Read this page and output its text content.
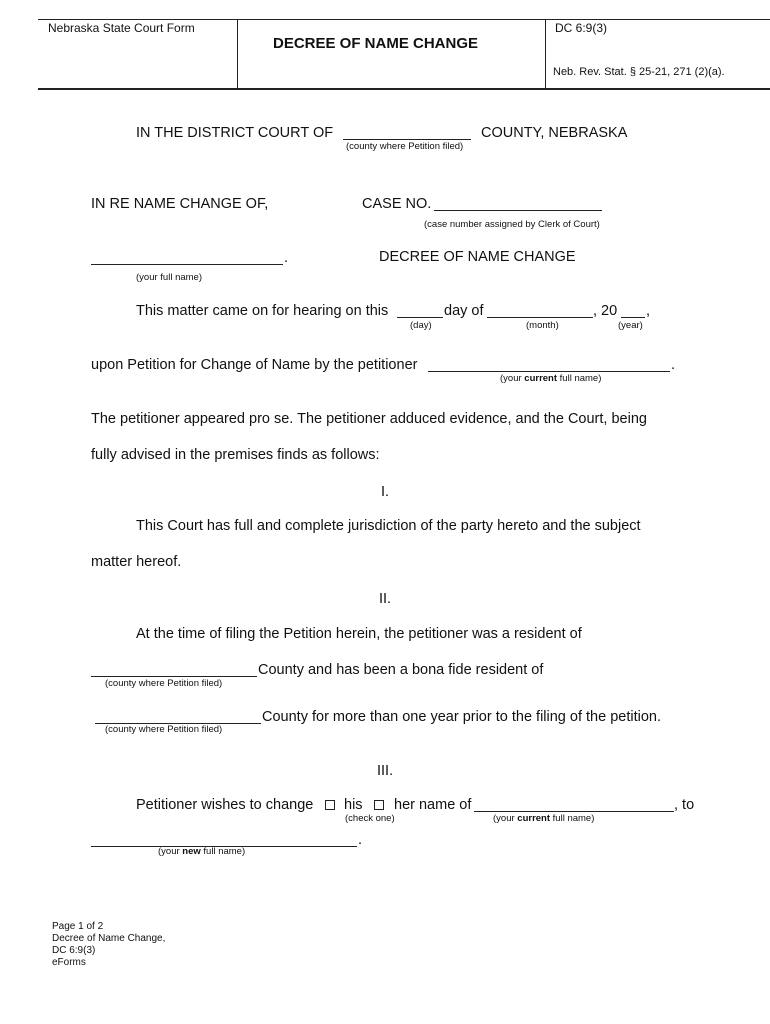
Nebraska State Court Form
DECREE OF NAME CHANGE
DC 6:9(3)
Neb. Rev. Stat. § 25-21, 271 (2)(a).
IN THE DISTRICT COURT OF	COUNTY, NEBRASKA
(county where Petition filed)
IN RE NAME CHANGE OF,	CASE NO.
(case number assigned by Clerk of Court)
.	DECREE OF NAME CHANGE
(your full name)
This matter came on for hearing on this	day of	, 20 ,
(day)	(month)	(year)
upon Petition for Change of Name by the petitioner	.
(your current full name)
The petitioner appeared pro se. The petitioner adduced evidence, and the Court, being
fully advised in the premises finds as follows:
I.
This Court has full and complete jurisdiction of the party hereto and the subject
matter hereof.
II.
At the time of filing the Petition herein, the petitioner was a resident of
County and has been a bona fide resident of
(county where Petition filed)
County for more than one year prior to the filing of the petition.
(county where Petition filed)
III.
Petitioner wishes to change his her name of	, to
(check one)	(your current full name)
.
(your new full name)
Page 1 of 2
Decree of Name Change,
DC 6:9(3)
eForms
